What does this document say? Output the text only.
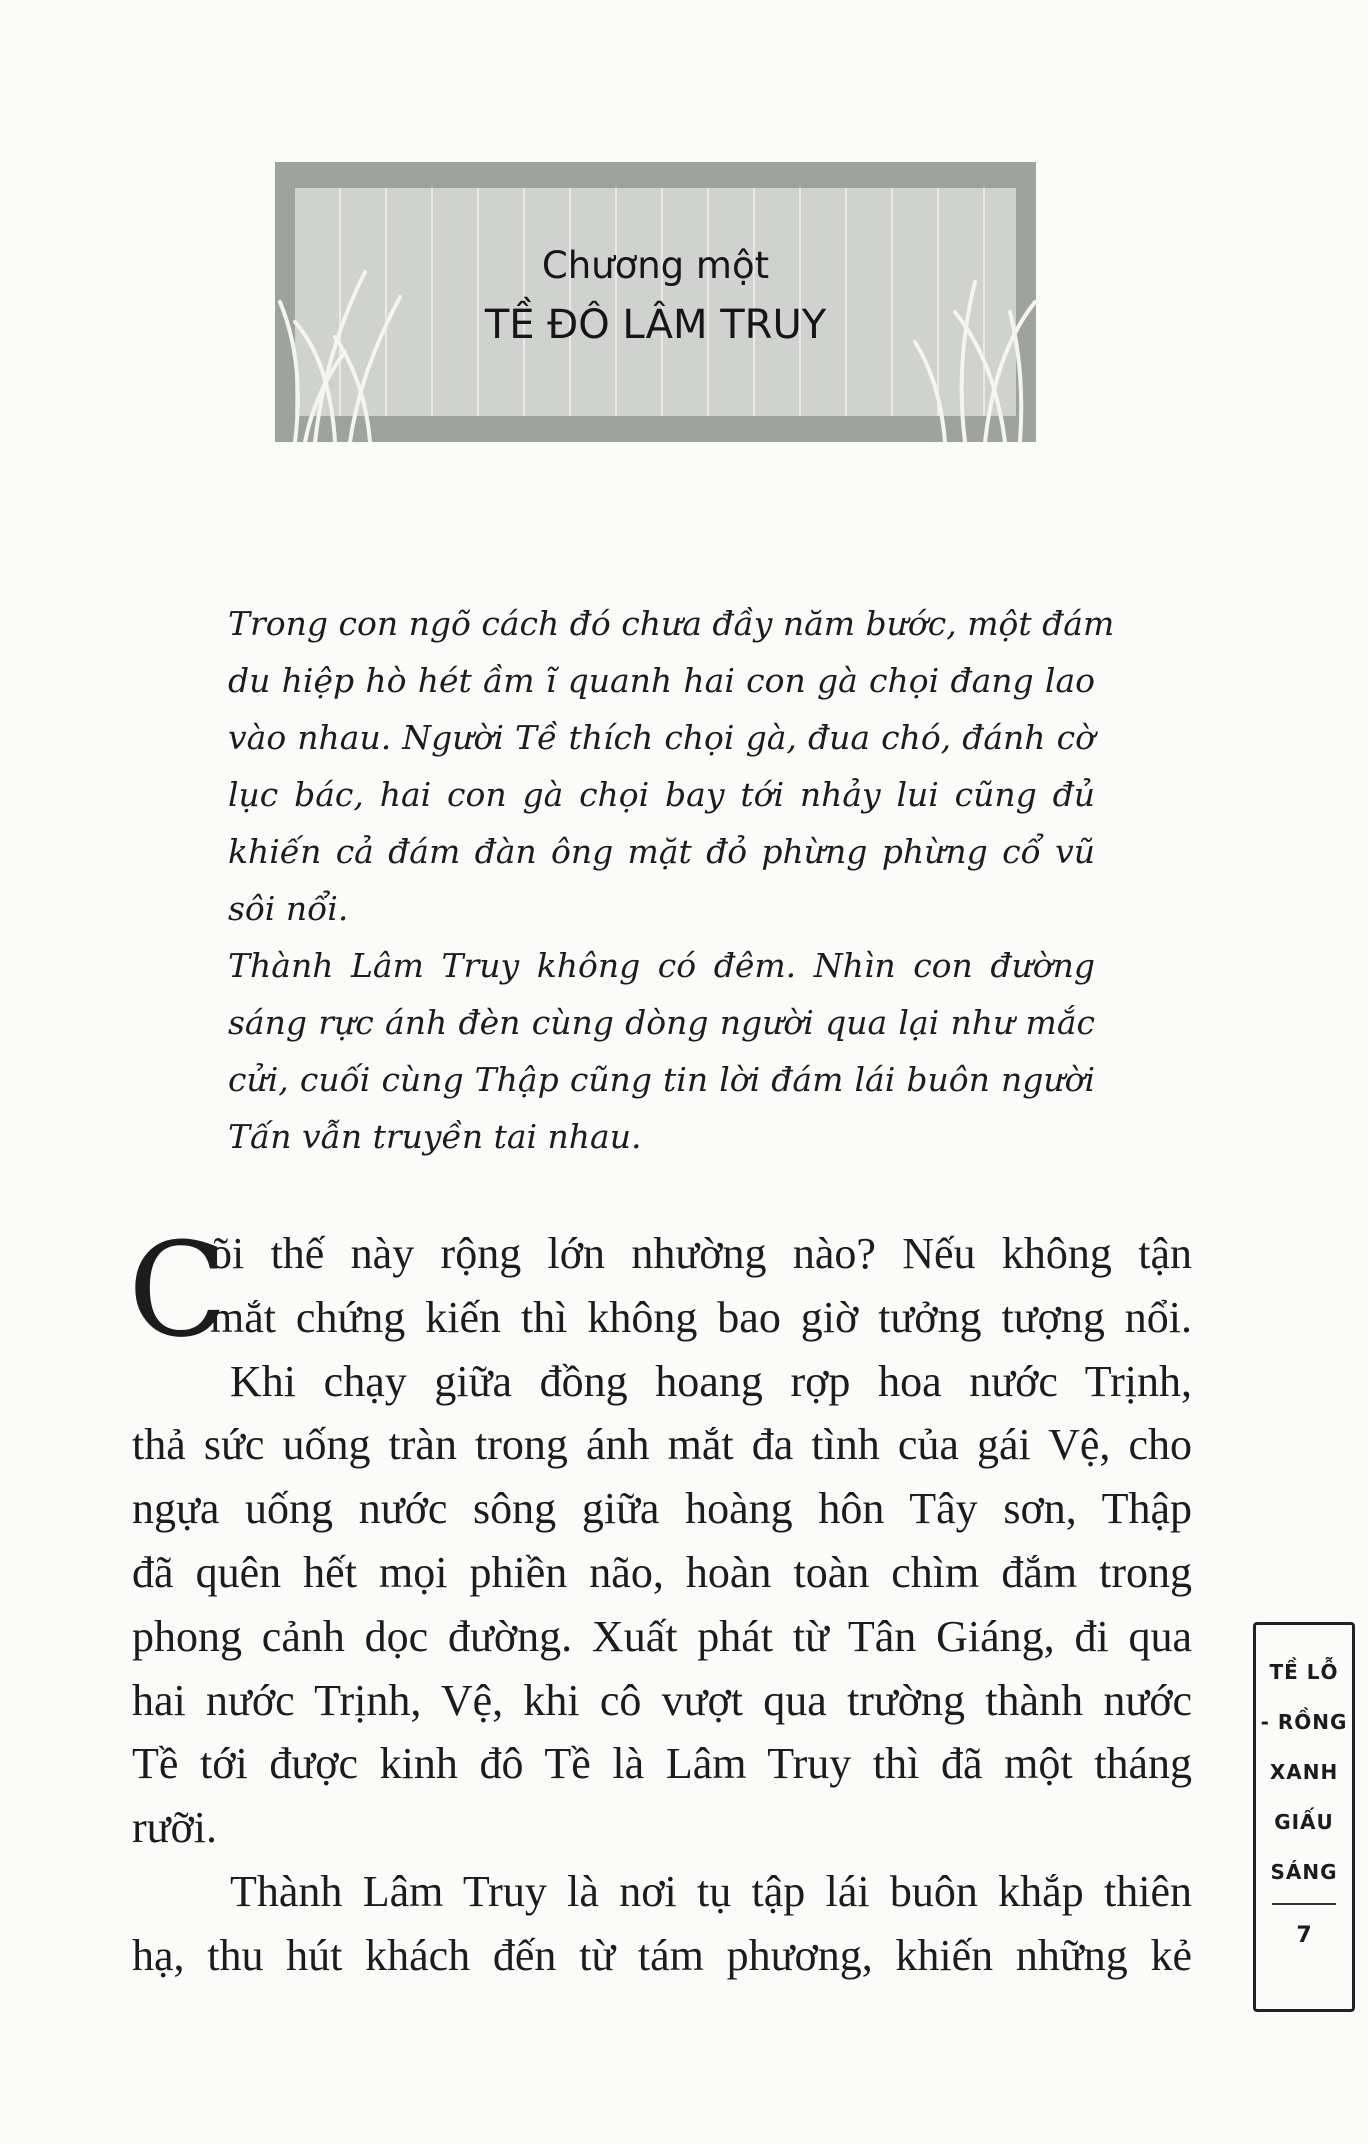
Chương một
TỀ ĐÔ LÂM TRUY
Trong con ngõ cách đó chưa đầy năm bước, một đám
du hiệp hò hét ầm ĩ quanh hai con gà chọi đang lao
vào nhau. Người Tề thích chọi gà, đua chó, đánh cờ
lục bác, hai con gà chọi bay tới nhảy lui cũng đủ
khiến cả đám đàn ông mặt đỏ phừng phừng cổ vũ
sôi nổi.
Thành Lâm Truy không có đêm. Nhìn con đường
sáng rực ánh đèn cùng dòng người qua lại như mắc
cửi, cuối cùng Thập cũng tin lời đám lái buôn người
Tấn vẫn truyền tai nhau.
C
õi thế này rộng lớn nhường nào? Nếu không tận
mắt chứng kiến thì không bao giờ tưởng tượng nổi.
Khi chạy giữa đồng hoang rợp hoa nước Trịnh,
thả sức uống tràn trong ánh mắt đa tình của gái Vệ, cho
ngựa uống nước sông giữa hoàng hôn Tây sơn, Thập
đã quên hết mọi phiền não, hoàn toàn chìm đắm trong
phong cảnh dọc đường. Xuất phát từ Tân Giáng, đi qua
hai nước Trịnh, Vệ, khi cô vượt qua trường thành nước
Tề tới được kinh đô Tề là Lâm Truy thì đã một tháng
rưỡi.
Thành Lâm Truy là nơi tụ tập lái buôn khắp thiên
hạ, thu hút khách đến từ tám phương, khiến những kẻ
TỀ LỖ
- RỒNG
XANH
GIẤU
SÁNG
7
